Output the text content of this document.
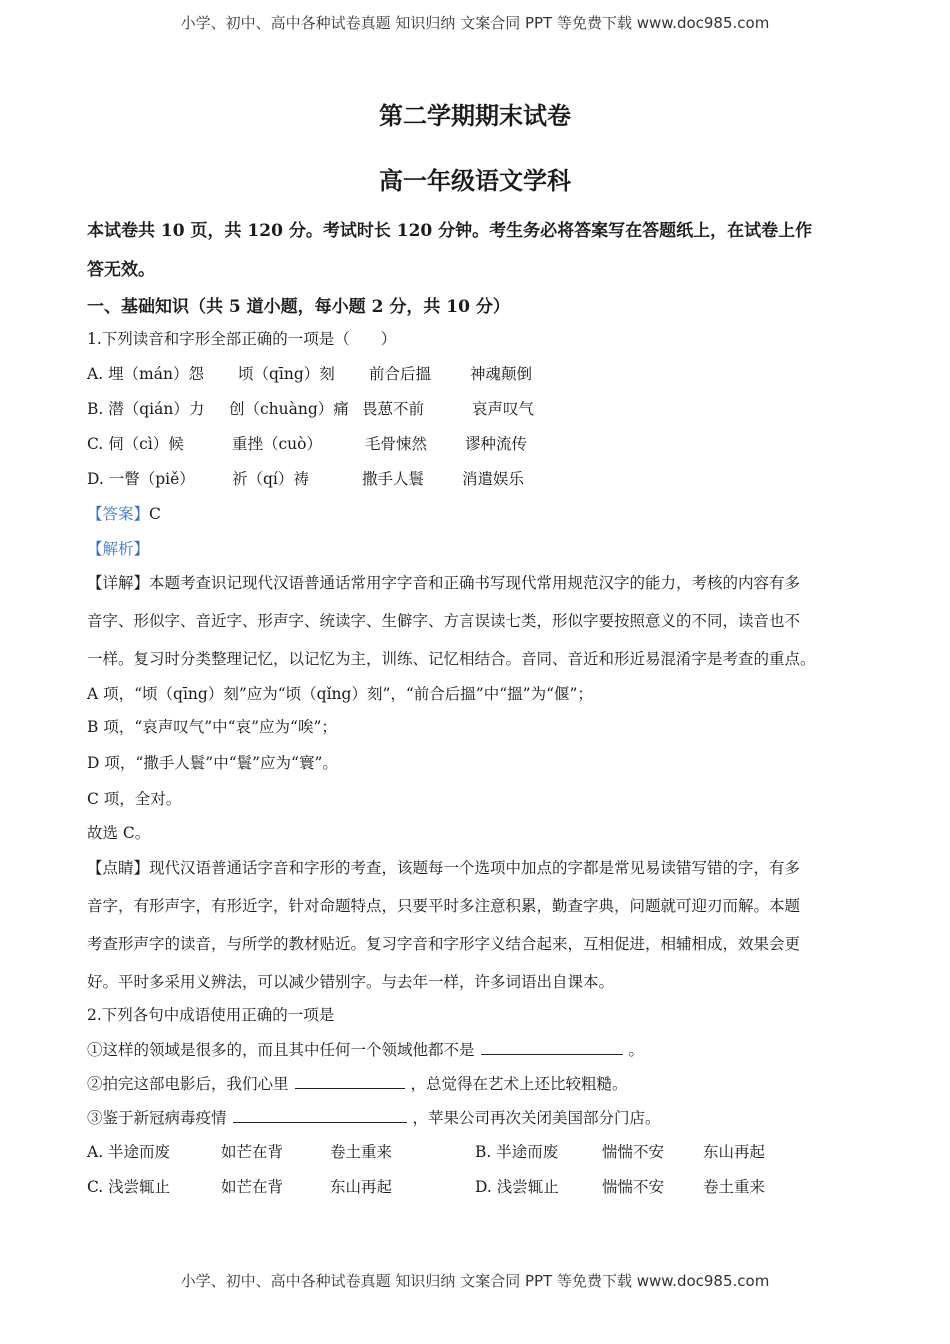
小学、初中、高中各种试卷真题 知识归纳 文案合同 PPT 等免费下载 www.doc985.com
第二学期期末试卷
高一年级语文学科
本试卷共 10 页，共 120 分。考试时长 120 分钟。考生务必将答案写在答题纸上，在试卷上作
答无效。
一、基础知识（共 5 道小题，每小题 2 分，共 10 分）
1.下列读音和字形全部正确的一项是（　　）
A. 埋（mán）怨 顷（qīng）刻 前合后搵	神魂颠倒
B. 潜（qián）力 创（chuàng）痛 畏葸不前	哀声叹气
C. 伺（cì）候	重挫（cuò）	毛骨悚然 谬种流传
D. 一瞥（piě） 祈（qí）祷	撒手人鬟 消遣娱乐
【答案】C
【解析】
【详解】本题考查识记现代汉语普通话常用字字音和正确书写现代常用规范汉字的能力，考核的内容有多
音字、形似字、音近字、形声字、统读字、生僻字、方言误读七类，形似字要按照意义的不同，读音也不
一样。复习时分类整理记忆，以记忆为主，训练、记忆相结合。音同、音近和形近易混淆字是考查的重点。
A 项，“顷（qīng）刻”应为“顷（qǐng）刻”，“前合后搵”中“搵”为“偃”；
B 项，“哀声叹气”中“哀”应为“唉”；
D 项，“撒手人鬟”中“鬟”应为“寰”。
C 项，全对。
故选 C。
【点睛】现代汉语普通话字音和字形的考查，该题每一个选项中加点的字都是常见易读错写错的字，有多
音字，有形声字，有形近字，针对命题特点，只要平时多注意积累，勤查字典，问题就可迎刃而解。本题
考查形声字的读音，与所学的教材贴近。复习字音和字形字义结合起来，互相促进，相辅相成，效果会更
好。平时多采用义辨法，可以减少错别字。与去年一样，许多词语出自课本。
2.下列各句中成语使用正确的一项是
①这样的领域是很多的，而且其中任何一个领域他都不是	。
②拍完这部电影后，我们心里	，总觉得在艺术上还比较粗糙。
③鉴于新冠病毒疫情	，苹果公司再次关闭美国部分门店。
A. 半途而废	如芒在背	卷土重来	B. 半途而废	惴惴不安	东山再起
C. 浅尝辄止	如芒在背	东山再起	D. 浅尝辄止	惴惴不安	卷土重来
小学、初中、高中各种试卷真题 知识归纳 文案合同 PPT 等免费下载 www.doc985.com
